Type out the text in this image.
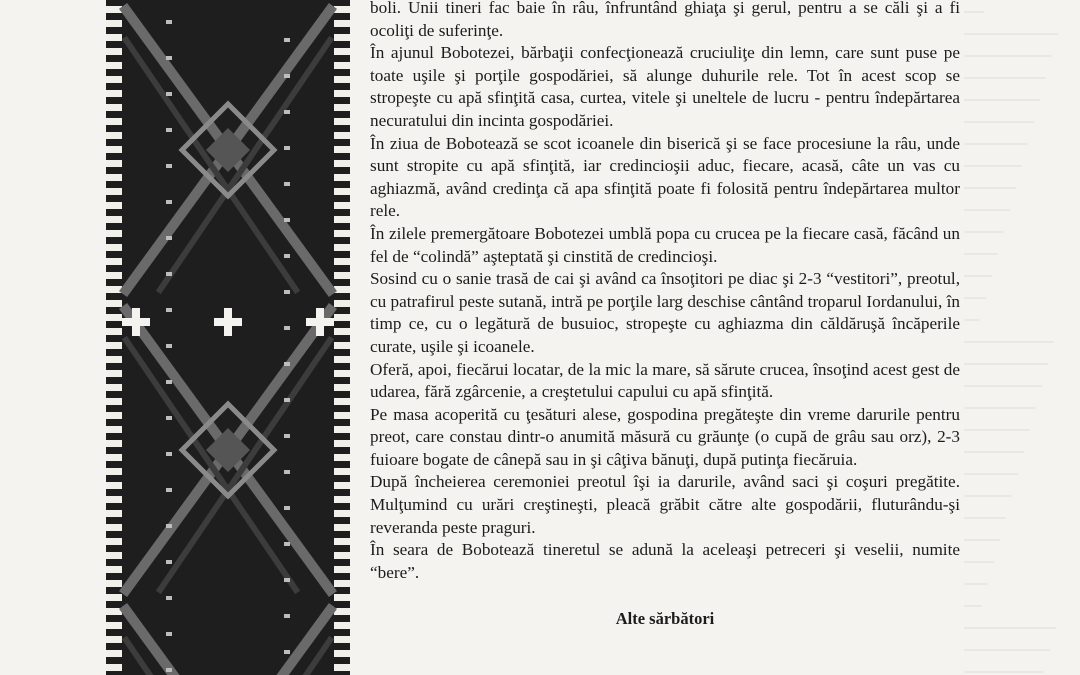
boli. Unii tineri fac baie în râu, înfruntând ghiaţa şi gerul, pentru a se căli şi a fi ocoliţi de suferinţe.

În ajunul Bobotezei, bărbaţii confecţionează cruciuliţe din lemn, care sunt puse pe toate uşile şi porţile gospodăriei, să alunge duhurile rele. Tot în acest scop se stropeşte cu apă sfinţită casa, curtea, vitele şi uneltele de lucru - pentru îndepărtarea necuratului din incinta gospodăriei.

În ziua de Bobotează se scot icoanele din biserică şi se face procesiune la râu, unde sunt stropite cu apă sfinţită, iar credincioşii aduc, fiecare, acasă, câte un vas cu aghiazmă, având credinţa că apa sfinţită poate fi folosită pentru îndepărtarea multor rele.

În zilele premergătoare Bobotezei umblă popa cu crucea pe la fiecare casă, făcând un fel de “colindă” aşteptată şi cinstită de credincioşi.

Sosind cu o sanie trasă de cai şi având ca însoţitori pe diac şi 2-3 “vestitori”, preotul, cu patrafirul peste sutană, intră pe porţile larg deschise cântând troparul Iordanului, în timp ce, cu o legătură de busuioc, stropeşte cu aghiazma din căldăruşă încăperile curate, uşile şi icoanele.

Oferă, apoi, fiecărui locatar, de la mic la mare, să sărute crucea, însoţind acest gest de udarea, fără zgârcenie, a creştetului capului cu apă sfinţită.

Pe masa acoperită cu ţesături alese, gospodina pregăteşte din vreme darurile pentru preot, care constau dintr-o anumită măsură cu grăunţe (o cupă de grâu sau orz), 2-3 fuioare bogate de cânepă sau in şi câţiva bănuţi, după putinţa fiecăruia.

După încheierea ceremoniei preotul îşi ia darurile, având saci şi coşuri pregătite. Mulţumind cu urări creştineşti, pleacă grăbit către alte gospodării, fluturându-şi reveranda peste praguri.

În seara de Bobotează tineretul se adună la aceleaşi petreceri şi veselii, numite “bere”.

Alte sărbători
